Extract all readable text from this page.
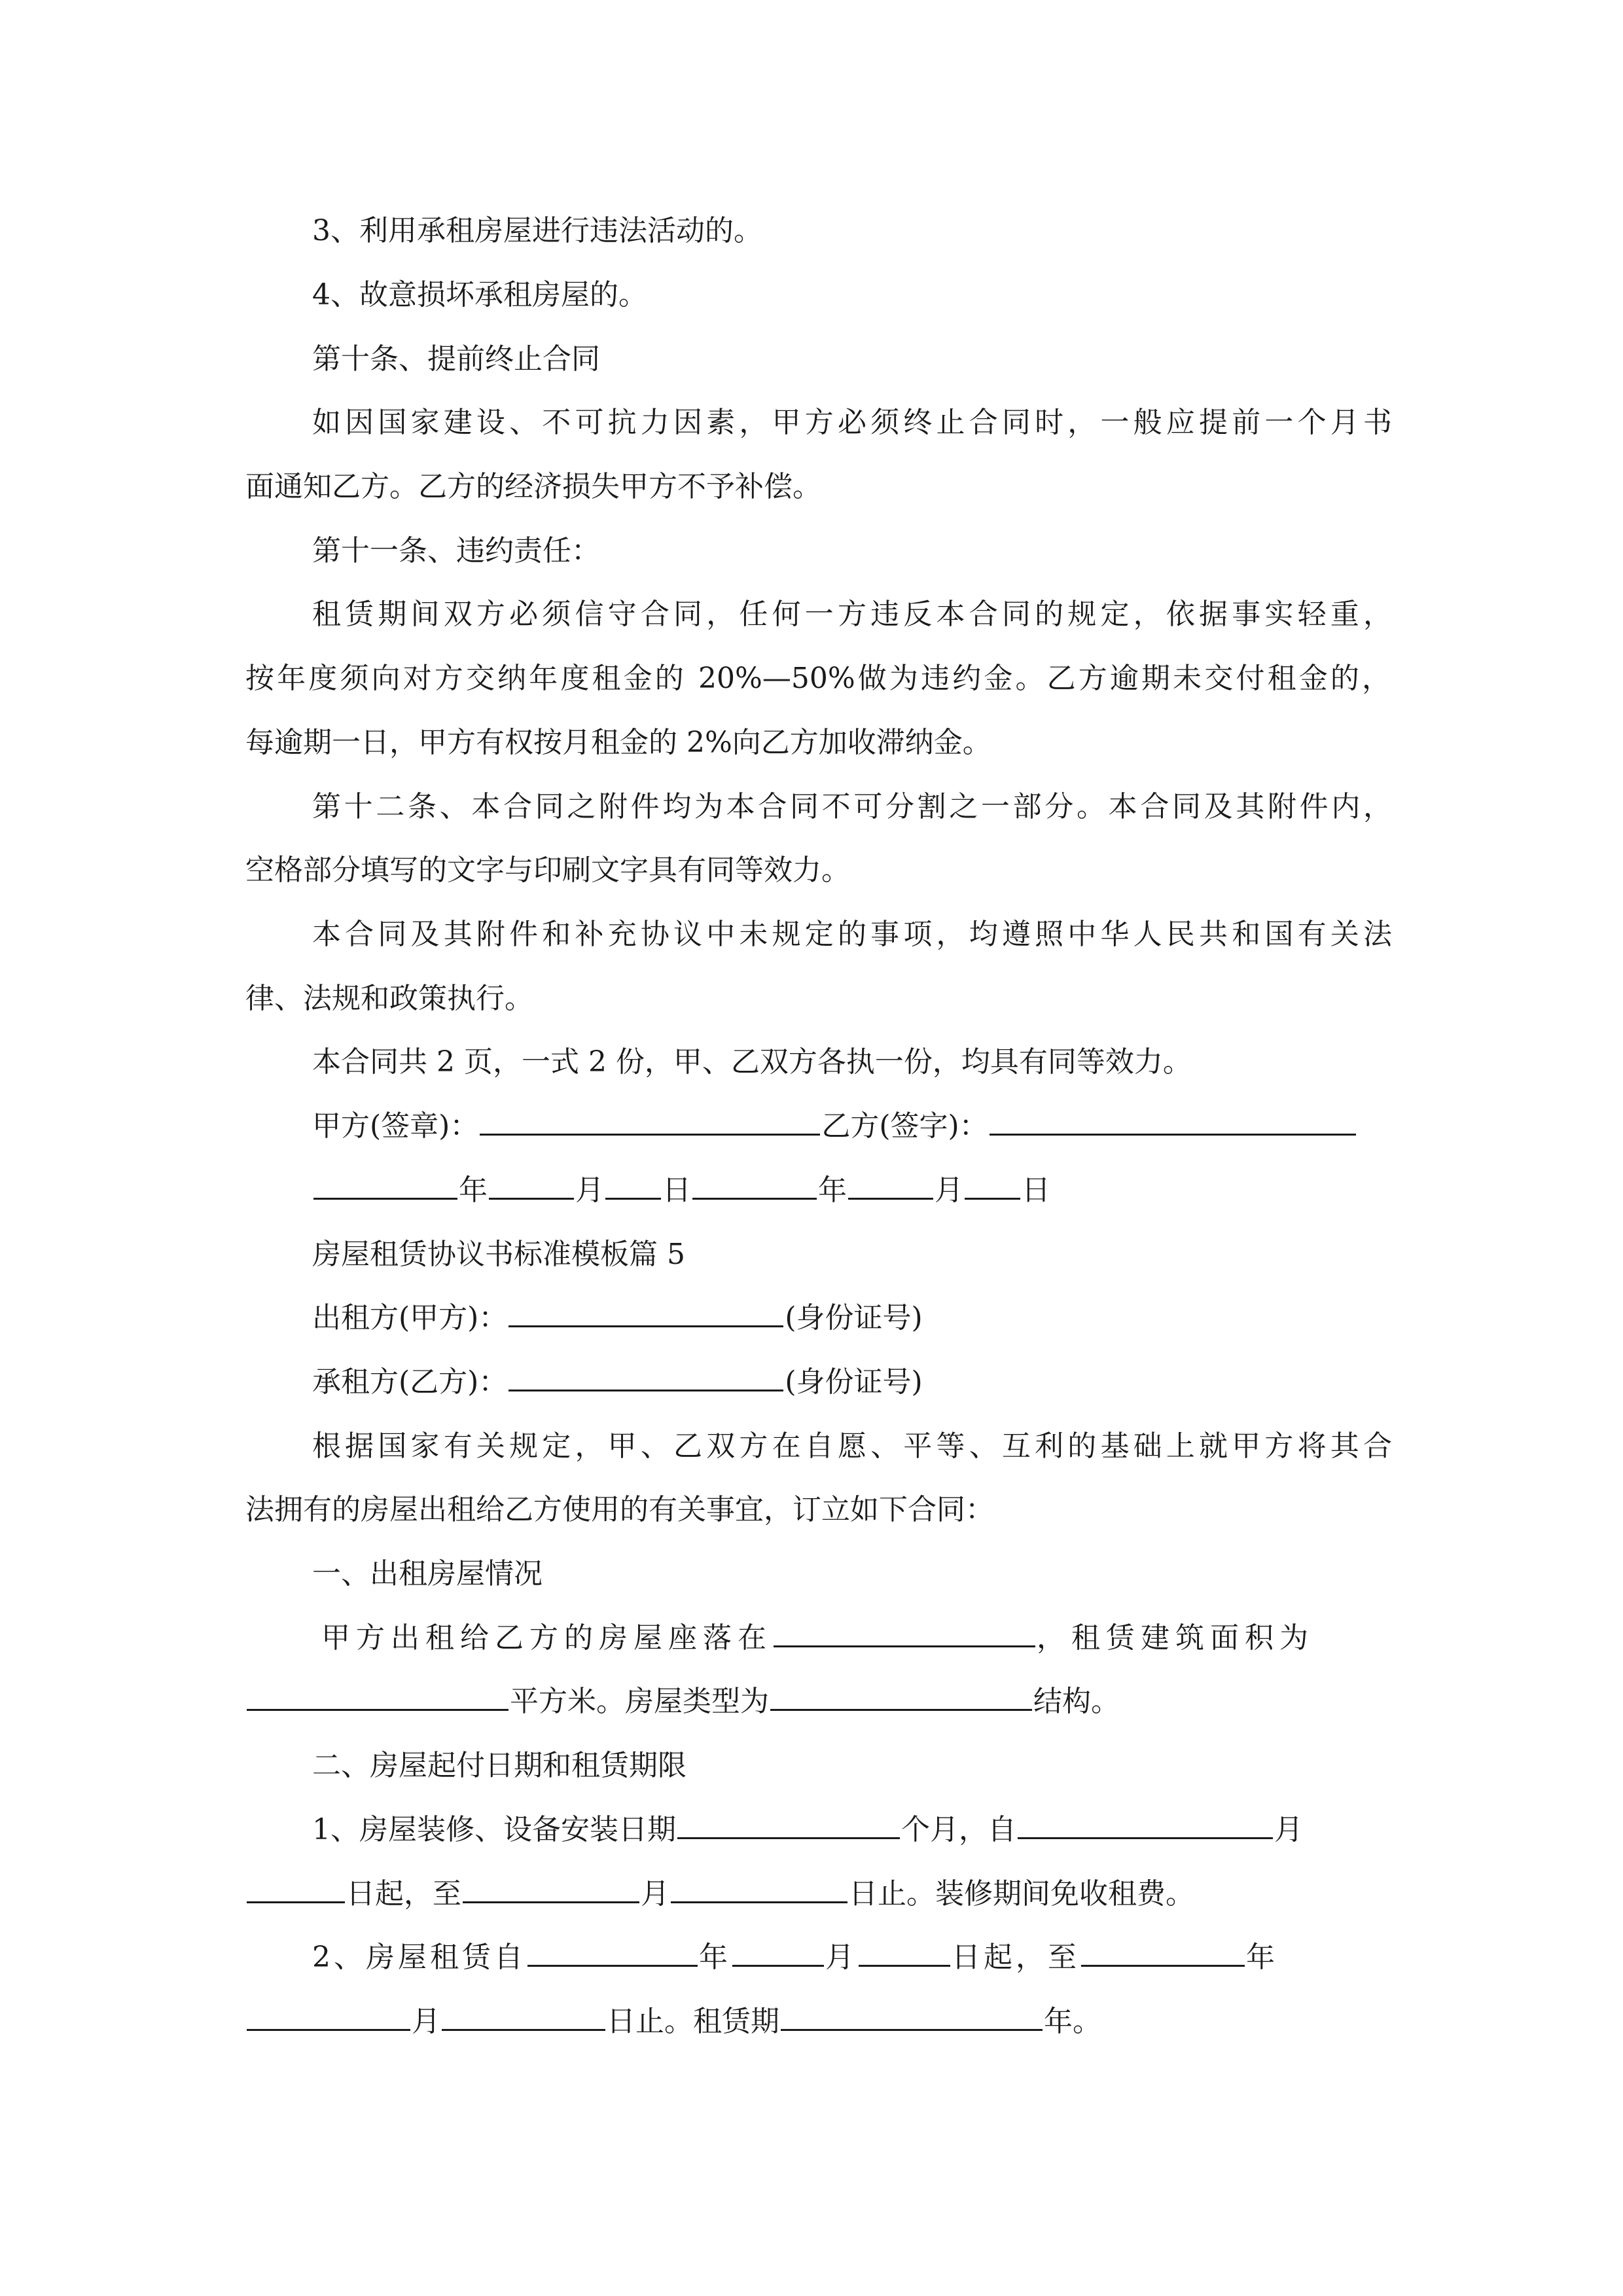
3、利用承租房屋进行违法活动的。
4、故意损坏承租房屋的。
第十条、提前终止合同
如因国家建设、不可抗力因素，甲方必须终止合同时，一般应提前一个月书
面通知乙方。乙方的经济损失甲方不予补偿。
第十一条、违约责任：
租赁期间双方必须信守合同，任何一方违反本合同的规定，依据事实轻重，
按年度须向对方交纳年度租金的 20%—50%做为违约金。乙方逾期未交付租金的，
每逾期一日，甲方有权按月租金的 2%向乙方加收滞纳金。
第十二条、本合同之附件均为本合同不可分割之一部分。本合同及其附件内，
空格部分填写的文字与印刷文字具有同等效力。
本合同及其附件和补充协议中未规定的事项，均遵照中华人民共和国有关法
律、法规和政策执行。
本合同共 2 页，一式 2 份，甲、乙双方各执一份，均具有同等效力。
甲方(签章)：	乙方(签字)：
年	月 日	年	月 日
房屋租赁协议书标准模板篇 5
出租方(甲方)：	(身份证号)
承租方(乙方)：	(身份证号)
根据国家有关规定，甲、乙双方在自愿、平等、互利的基础上就甲方将其合
法拥有的房屋出租给乙方使用的有关事宜，订立如下合同：
一、出租房屋情况
甲方出租给乙方的房屋座落在	，租赁建筑面积为
平方米。房屋类型为	结构。
二、房屋起付日期和租赁期限
1、房屋装修、设备安装日期	个月，自	月
日起，至	月	日止。装修期间免收租费。
2、房屋租赁自	年	月	日起，至	年
月	日止。租赁期	年。
